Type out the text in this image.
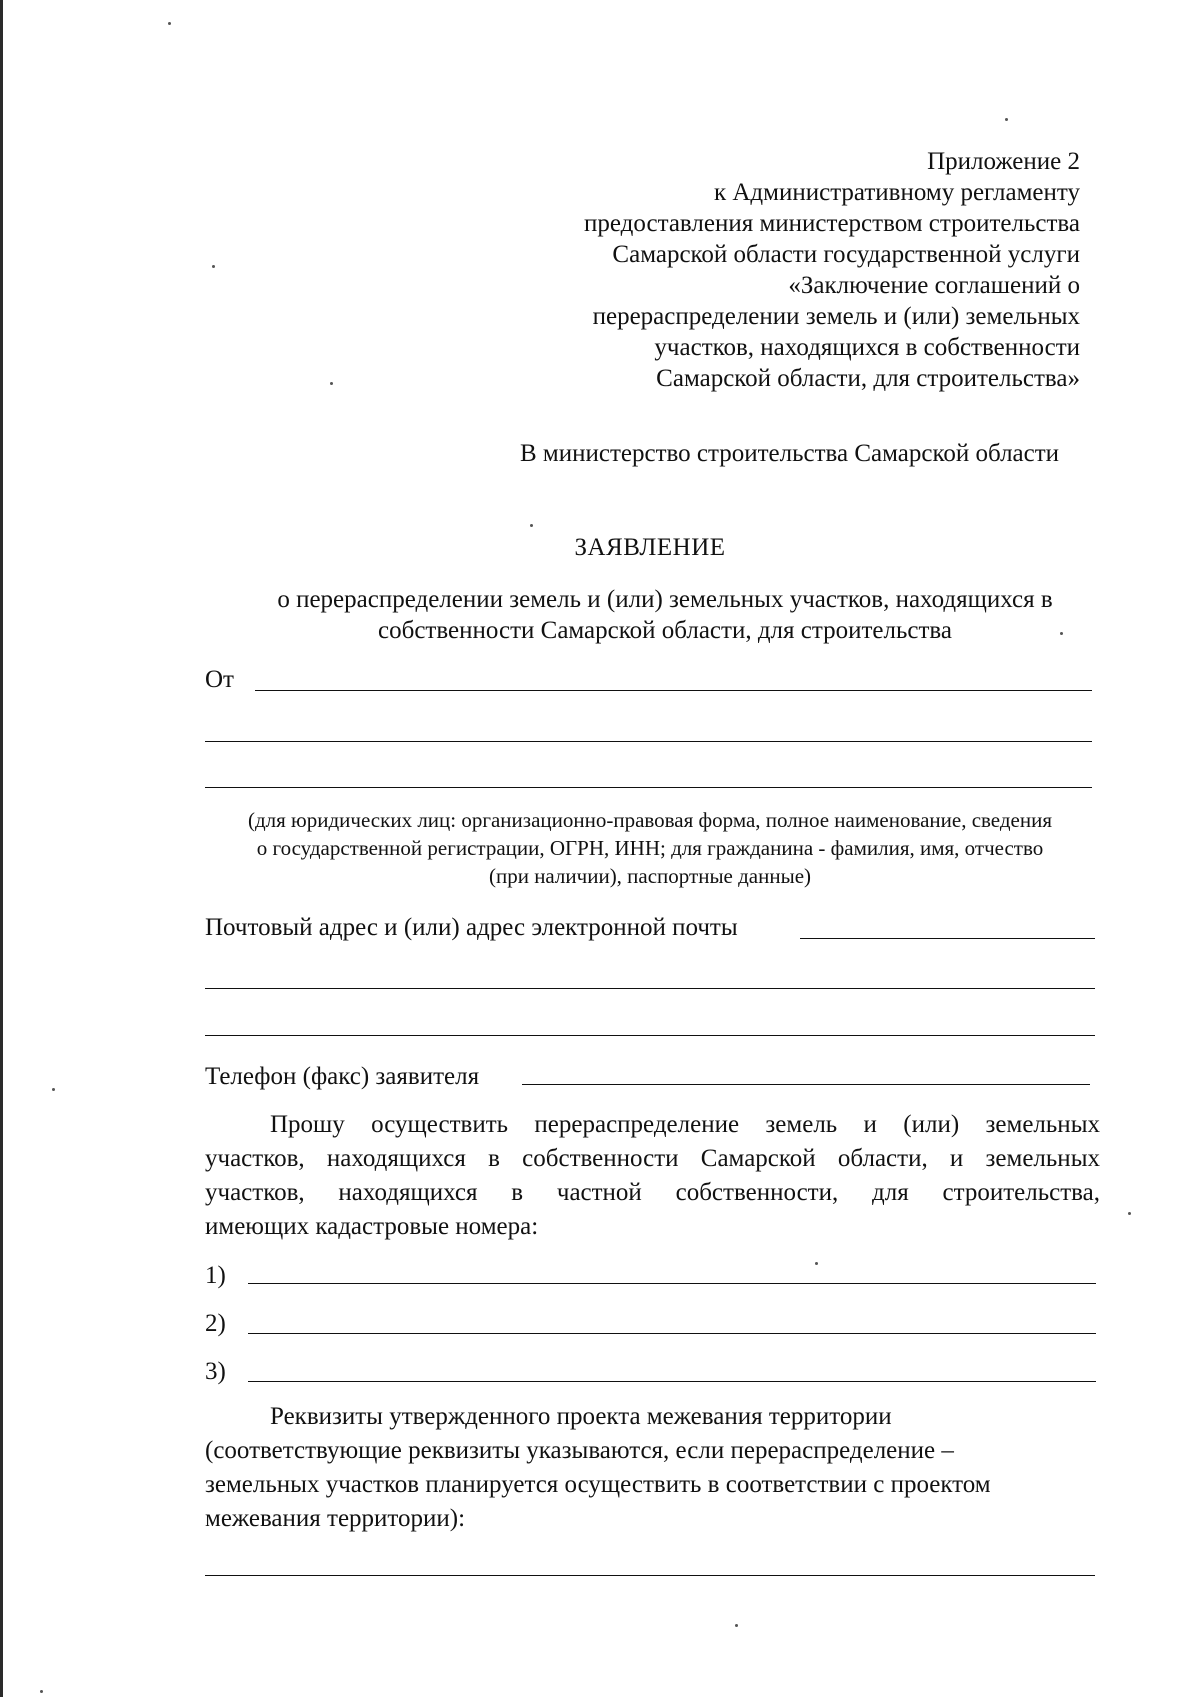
Приложение 2
к Административному регламенту
предоставления министерством строительства
Самарской области государственной услуги
«Заключение соглашений о
перераспределении земель и (или) земельных
участков, находящихся в собственности
Самарской области, для строительства»
В министерство строительства Самарской области
ЗАЯВЛЕНИЕ
о перераспределении земель и (или) земельных участков, находящихся в
собственности Самарской области, для строительства
От
(для юридических лиц: организационно-правовая форма, полное наименование, сведения
о государственной регистрации, ОГРН, ИНН; для гражданина - фамилия, имя, отчество
(при наличии), паспортные данные)
Почтовый адрес и (или) адрес электронной почты
Телефон (факс) заявителя
Прошу осуществить перераспределение земель и (или) земельных
участков, находящихся в собственности Самарской области, и земельных
участков, находящихся в частной собственности, для строительства,
имеющих кадастровые номера:
1)
2)
3)
Реквизиты утвержденного проекта межевания территории
(соответствующие реквизиты указываются, если перераспределение –
земельных участков планируется осуществить в соответствии с проектом
межевания территории):
